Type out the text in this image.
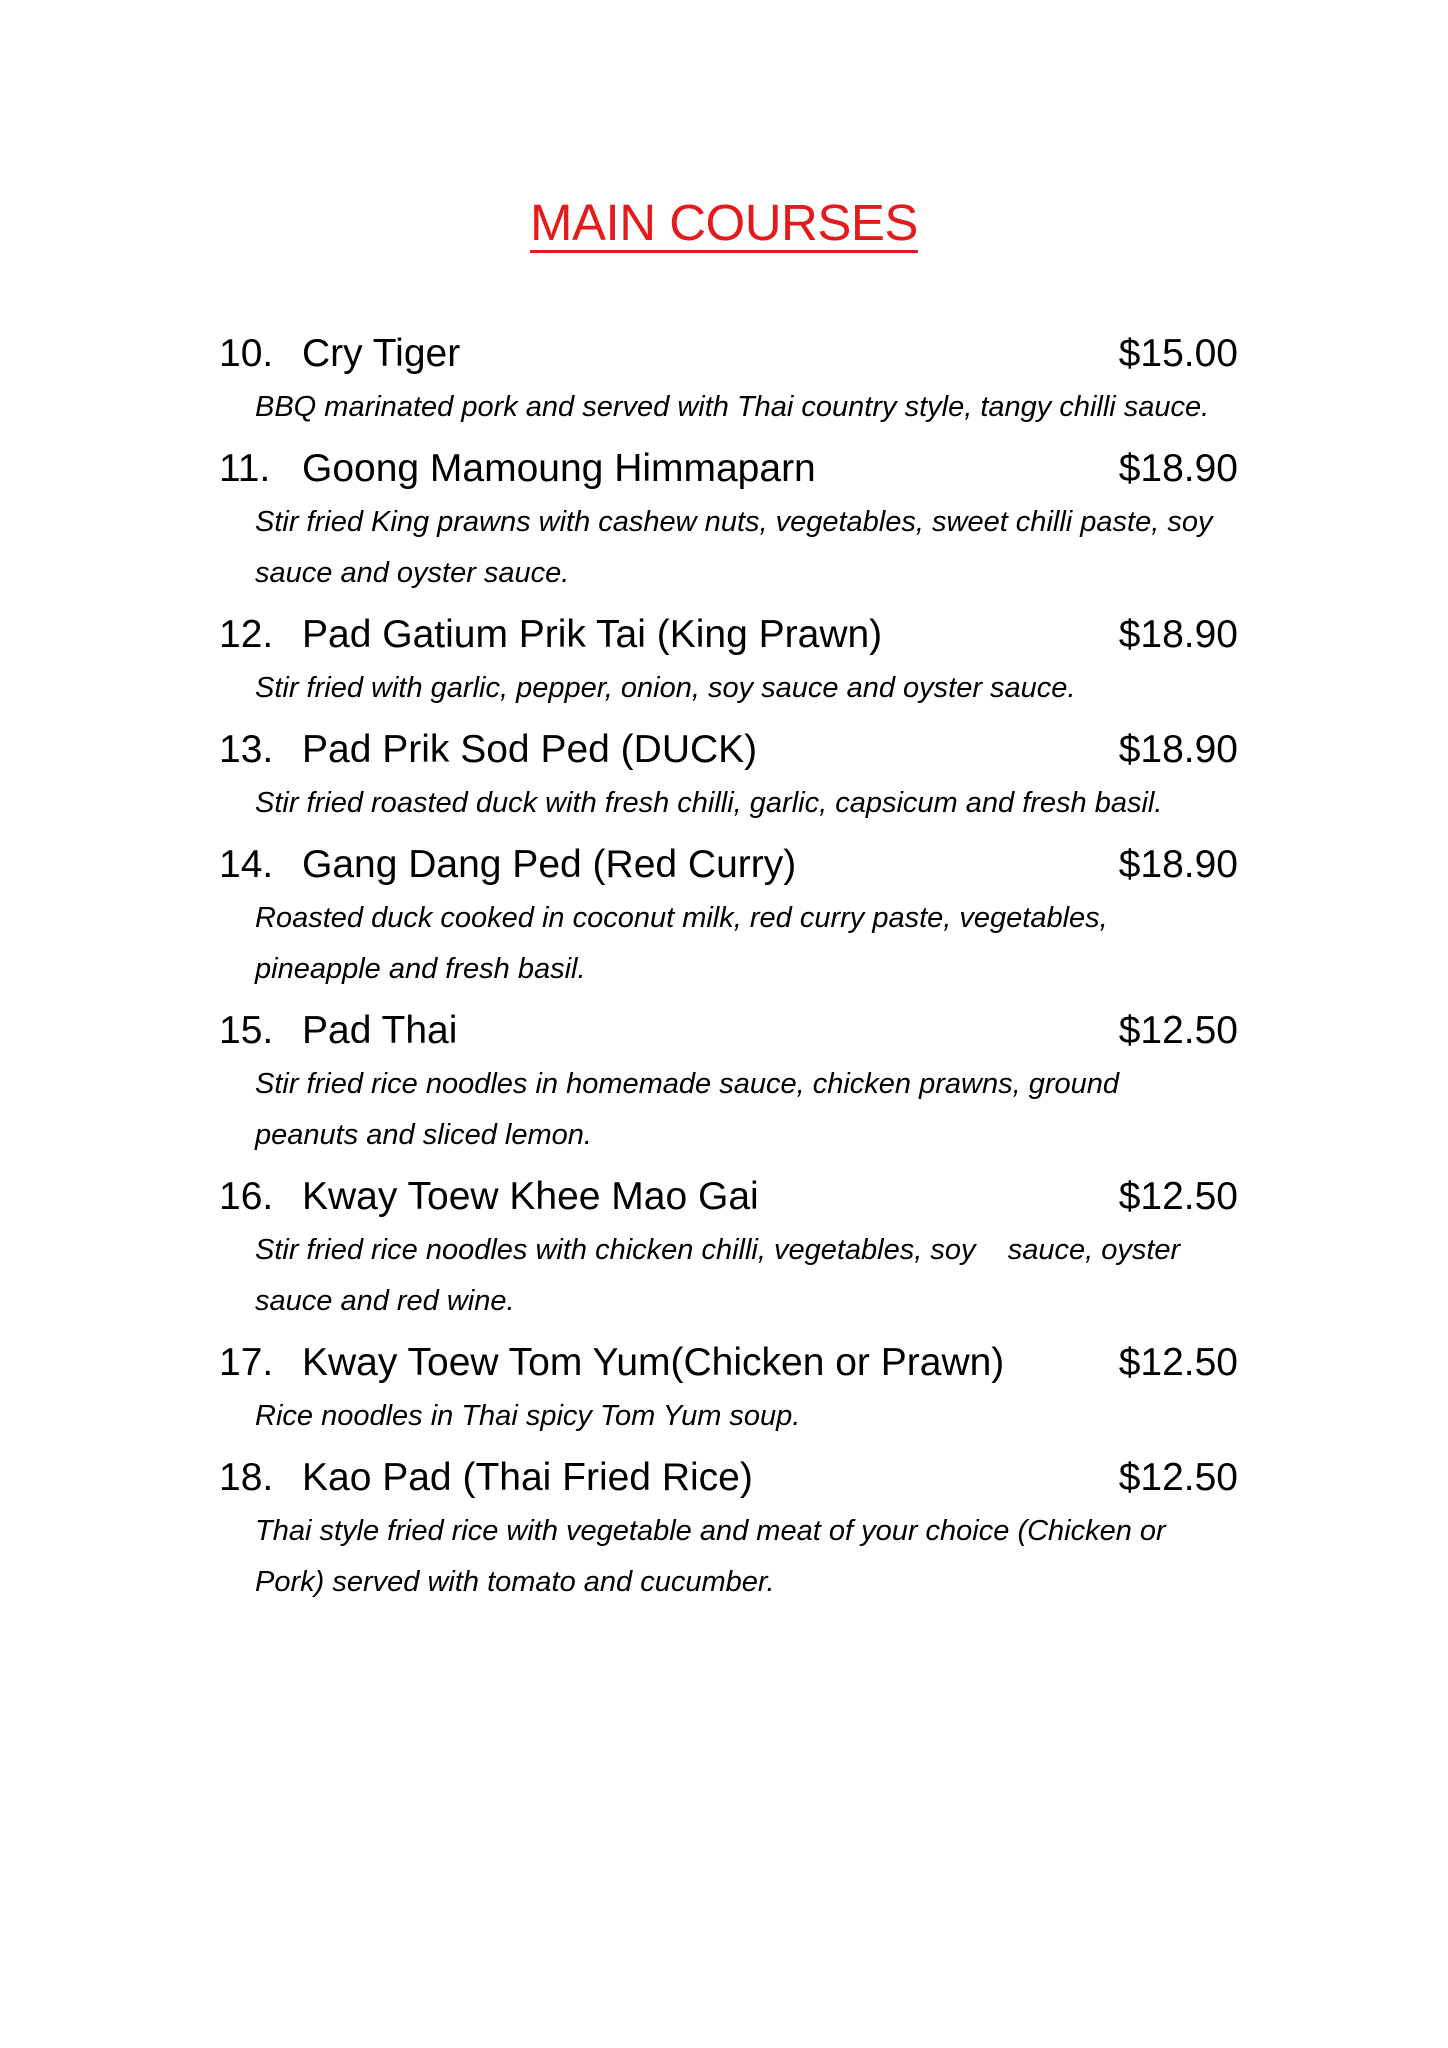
MAIN COURSES
10. Cry Tiger	$15.00

BBQ marinated pork and served with Thai country style, tangy chilli sauce.

11. Goong Mamoung Himmaparn	$18.90

Stir fried King prawns with cashew nuts, vegetables, sweet chilli paste, soy
sauce and oyster sauce.

12. Pad Gatium Prik Tai (King Prawn)	$18.90

Stir fried with garlic, pepper, onion, soy sauce and oyster sauce.

13. Pad Prik Sod Ped (DUCK)	$18.90

Stir fried roasted duck with fresh chilli, garlic, capsicum and fresh basil.

14. Gang Dang Ped (Red Curry)	$18.90

Roasted duck cooked in coconut milk, red curry paste, vegetables,
pineapple and fresh basil.

15. Pad Thai	$12.50

Stir fried rice noodles in homemade sauce, chicken prawns, ground
peanuts and sliced lemon.

16. Kway Toew Khee Mao Gai	$12.50

Stir fried rice noodles with chicken chilli, vegetables, soy    sauce, oyster
sauce and red wine.

17. Kway Toew Tom Yum(Chicken or Prawn)	$12.50

Rice noodles in Thai spicy Tom Yum soup.

18. Kao Pad (Thai Fried Rice)	$12.50

Thai style fried rice with vegetable and meat of your choice (Chicken or
Pork) served with tomato and cucumber.
